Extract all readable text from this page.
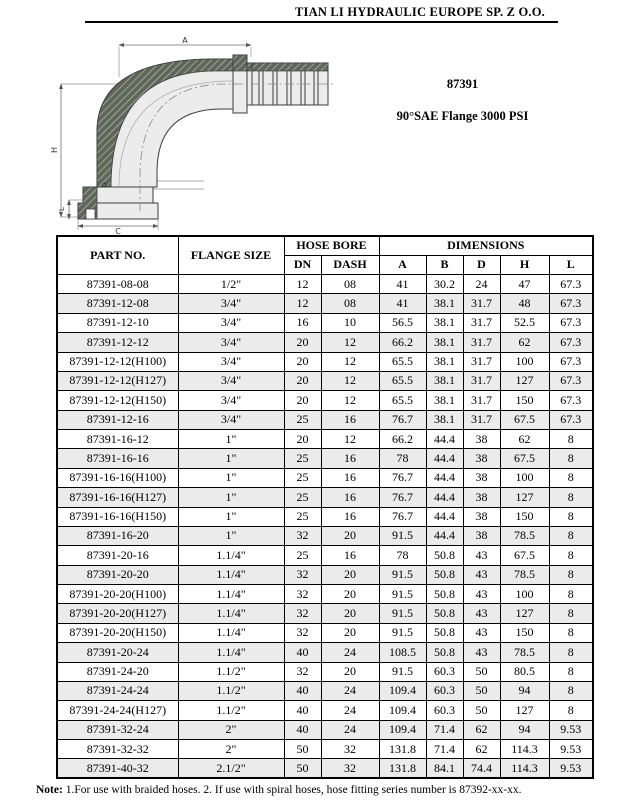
TIAN LI HYDRAULIC EUROPE SP. Z O.O.
A
H
L
C
D
87391
90°SAE Flange 3000 PSI
PART NO.	FLANGE SIZE	HOSE BORE		DIMENSIONS				
		DN	DASH	A	B	D	H	L
87391-08-08	1/2"	12	08	41	30.2	24	47	67.3
87391-12-08	3/4"	12	08	41	38.1	31.7	48	67.3
87391-12-10	3/4"	16	10	56.5	38.1	31.7	52.5	67.3
87391-12-12	3/4"	20	12	66.2	38.1	31.7	62	67.3
87391-12-12(H100)	3/4"	20	12	65.5	38.1	31.7	100	67.3
87391-12-12(H127)	3/4"	20	12	65.5	38.1	31.7	127	67.3
87391-12-12(H150)	3/4"	20	12	65.5	38.1	31.7	150	67.3
87391-12-16	3/4"	25	16	76.7	38.1	31.7	67.5	67.3
87391-16-12	1"	20	12	66.2	44.4	38	62	8
87391-16-16	1"	25	16	78	44.4	38	67.5	8
87391-16-16(H100)	1"	25	16	76.7	44.4	38	100	8
87391-16-16(H127)	1"	25	16	76.7	44.4	38	127	8
87391-16-16(H150)	1"	25	16	76.7	44.4	38	150	8
87391-16-20	1"	32	20	91.5	44.4	38	78.5	8
87391-20-16	1.1/4"	25	16	78	50.8	43	67.5	8
87391-20-20	1.1/4"	32	20	91.5	50.8	43	78.5	8
87391-20-20(H100)	1.1/4"	32	20	91.5	50.8	43	100	8
87391-20-20(H127)	1.1/4"	32	20	91.5	50.8	43	127	8
87391-20-20(H150)	1.1/4"	32	20	91.5	50.8	43	150	8
87391-20-24	1.1/4"	40	24	108.5	50.8	43	78.5	8
87391-24-20	1.1/2"	32	20	91.5	60.3	50	80.5	8
87391-24-24	1.1/2"	40	24	109.4	60.3	50	94	8
87391-24-24(H127)	1.1/2"	40	24	109.4	60.3	50	127	8
87391-32-24	2"	40	24	109.4	71.4	62	94	9.53
87391-32-32	2"	50	32	131.8	71.4	62	114.3	9.53
87391-40-32	2.1/2"	50	32	131.8	84.1	74.4	114.3	9.53
Note: 1.For use with braided hoses. 2. If use with spiral hoses, hose fitting series number is 87392-xx-xx.
